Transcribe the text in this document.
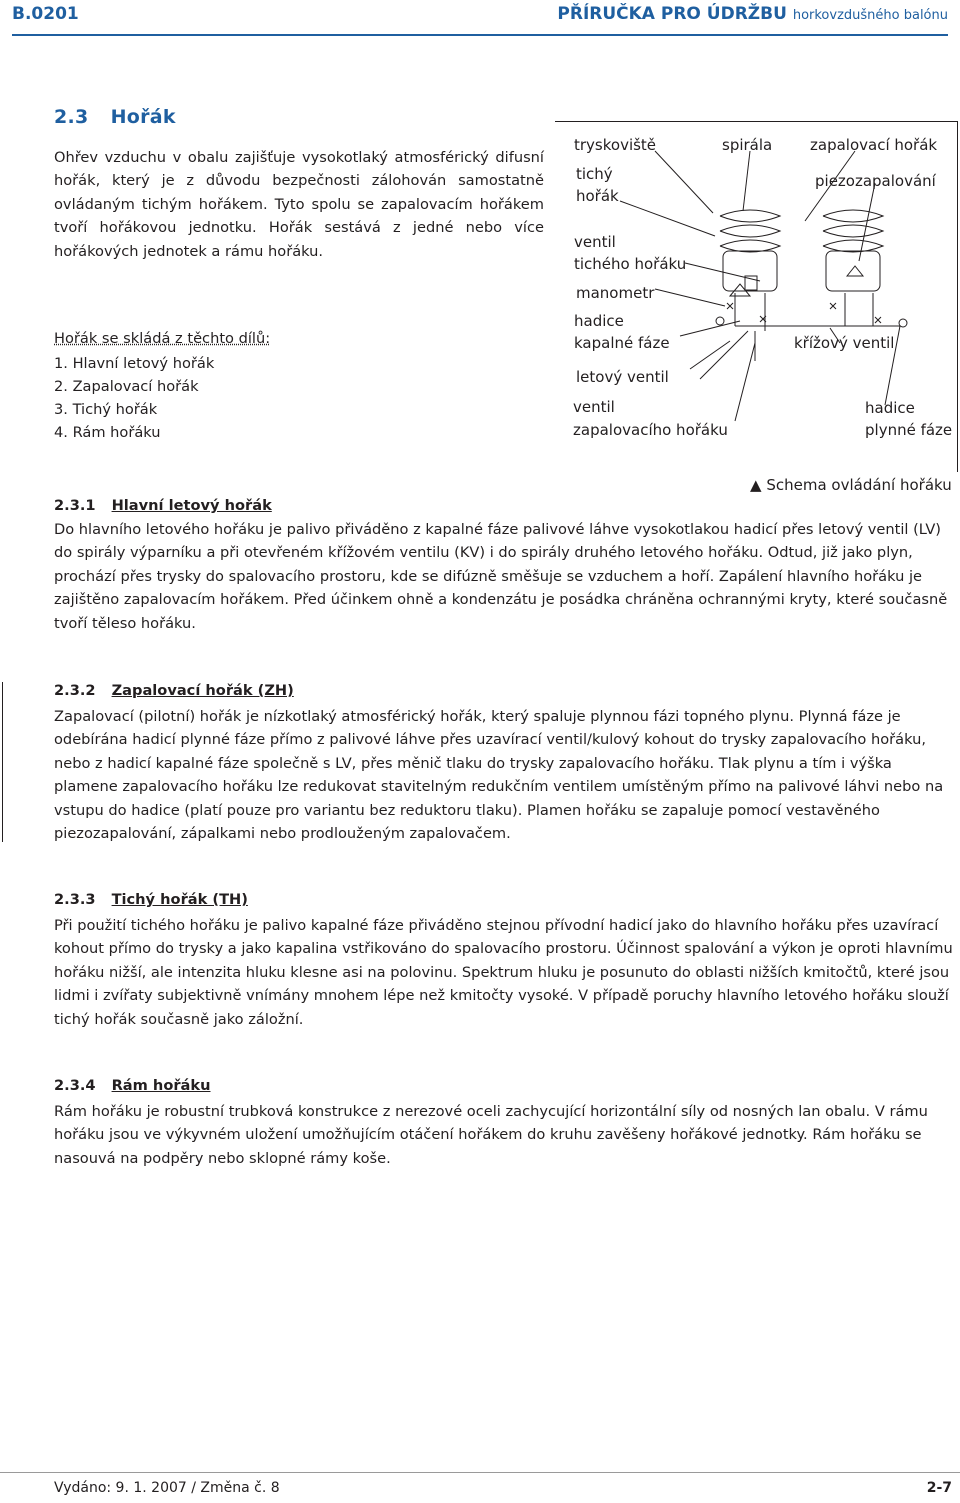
B.0201	PŘÍRUČKA PRO ÚDRŽBU horkovzdušného balónu
2.3 Hořák
Ohřev vzduchu v obalu zajišťuje vysokotlaký atmosférický difusní hořák, který je z důvodu bezpečnosti zálohován samostatně ovládaným tichým hořákem. Tyto spolu se zapalovacím hořákem tvoří hořákovou jednotku. Hořák sestává z jedné nebo více hořákových jednotek a rámu hořáku.
Hořák se skládá z těchto dílů:
1. Hlavní letový hořák
2. Zapalovací hořák
3. Tichý hořák
4. Rám hořáku
tryskoviště
tichý
hořák
ventil
tichého hořáku
manometr
hadice
kapalné fáze
letový ventil
ventil
zapalovacího hořáku
spirála	zapalovací hořák
piezozapalování
křížový ventil
hadice
plynné fáze
▲ Schema ovládání hořáku
2.3.1 Hlavní letový hořák
Do hlavního letového hořáku je palivo přiváděno z kapalné fáze palivové láhve vysokotlakou hadicí přes letový ventil (LV) do spirály výparníku a při otevřeném křížovém ventilu (KV) i do spirály druhého letového hořáku. Odtud, již jako plyn, prochází přes trysky do spalovacího prostoru, kde se difúzně směšuje se vzduchem a hoří. Zapálení hlavního hořáku je zajištěno zapalovacím hořákem. Před účinkem ohně a kondenzátu je posádka chráněna ochrannými kryty, které současně tvoří těleso hořáku.
2.3.2 Zapalovací hořák (ZH)
Zapalovací (pilotní) hořák je nízkotlaký atmosférický hořák, který spaluje plynnou fázi topného plynu. Plynná fáze je odebírána hadicí plynné fáze přímo z palivové láhve přes uzavírací ventil/kulový kohout do trysky zapalovacího hořáku, nebo z hadicí kapalné fáze společně s LV, přes měnič tlaku do trysky zapalovacího hořáku. Tlak plynu a tím i výška plamene zapalovacího hořáku lze redukovat stavitelným redukčním ventilem umístěným přímo na palivové láhvi nebo na vstupu do hadice (platí pouze pro variantu bez reduktoru tlaku). Plamen hořáku se zapaluje pomocí vestavěného piezozapalování, zápalkami nebo prodlouženým zapalovačem.
2.3.3 Tichý hořák (TH)
Při použití tichého hořáku je palivo kapalné fáze přiváděno stejnou přívodní hadicí jako do hlavního hořáku přes uzavírací kohout přímo do trysky a jako kapalina vstřikováno do spalovacího prostoru. Účinnost spalování a výkon je oproti hlavnímu hořáku nižší, ale intenzita hluku klesne asi na polovinu. Spektrum hluku je posunuto do oblasti nižších kmitočtů, které jsou lidmi i zvířaty subjektivně vnímány mnohem lépe než kmitočty vysoké. V případě poruchy hlavního letového hořáku slouží tichý hořák současně jako záložní.
2.3.4 Rám hořáku
Rám hořáku je robustní trubková konstrukce z nerezové oceli zachycující horizontální síly od nosných lan obalu. V rámu hořáku jsou ve výkyvném uložení umožňujícím otáčení hořákem do kruhu zavěšeny hořákové jednotky. Rám hořáku se nasouvá na podpěry nebo sklopné rámy koše.
Vydáno: 9. 1. 2007 / Změna č. 8	2-7
